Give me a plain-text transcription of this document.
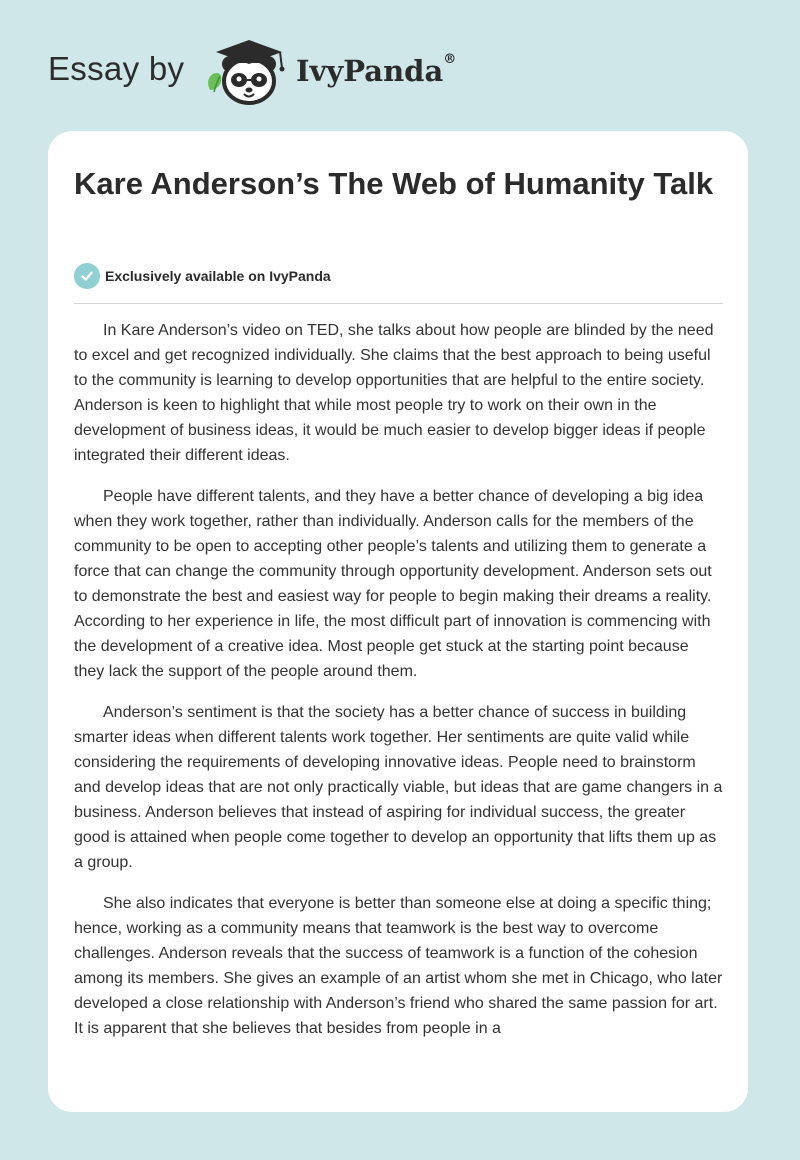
Essay by	IvyPanda®
Kare Anderson’s The Web of Humanity Talk
Exclusively available on IvyPanda

In Kare Anderson’s video on TED, she talks about how people are blinded by the need to excel and get recognized individually. She claims that the best approach to being useful to the community is learning to develop opportunities that are helpful to the entire society. Anderson is keen to highlight that while most people try to work on their own in the development of business ideas, it would be much easier to develop bigger ideas if people integrated their different ideas.

People have different talents, and they have a better chance of developing a big idea when they work together, rather than individually. Anderson calls for the members of the community to be open to accepting other people’s talents and utilizing them to generate a force that can change the community through opportunity development. Anderson sets out to demonstrate the best and easiest way for people to begin making their dreams a reality. According to her experience in life, the most difficult part of innovation is commencing with the development of a creative idea. Most people get stuck at the starting point because they lack the support of the people around them.

Anderson’s sentiment is that the society has a better chance of success in building smarter ideas when different talents work together. Her sentiments are quite valid while considering the requirements of developing innovative ideas. People need to brainstorm and develop ideas that are not only practically viable, but ideas that are game changers in a business. Anderson believes that instead of aspiring for individual success, the greater good is attained when people come together to develop an opportunity that lifts them up as a group.

She also indicates that everyone is better than someone else at doing a specific thing; hence, working as a community means that teamwork is the best way to overcome challenges. Anderson reveals that the success of teamwork is a function of the cohesion among its members. She gives an example of an artist whom she met in Chicago, who later developed a close relationship with Anderson’s friend who shared the same passion for art. It is apparent that she believes that besides from people in a
